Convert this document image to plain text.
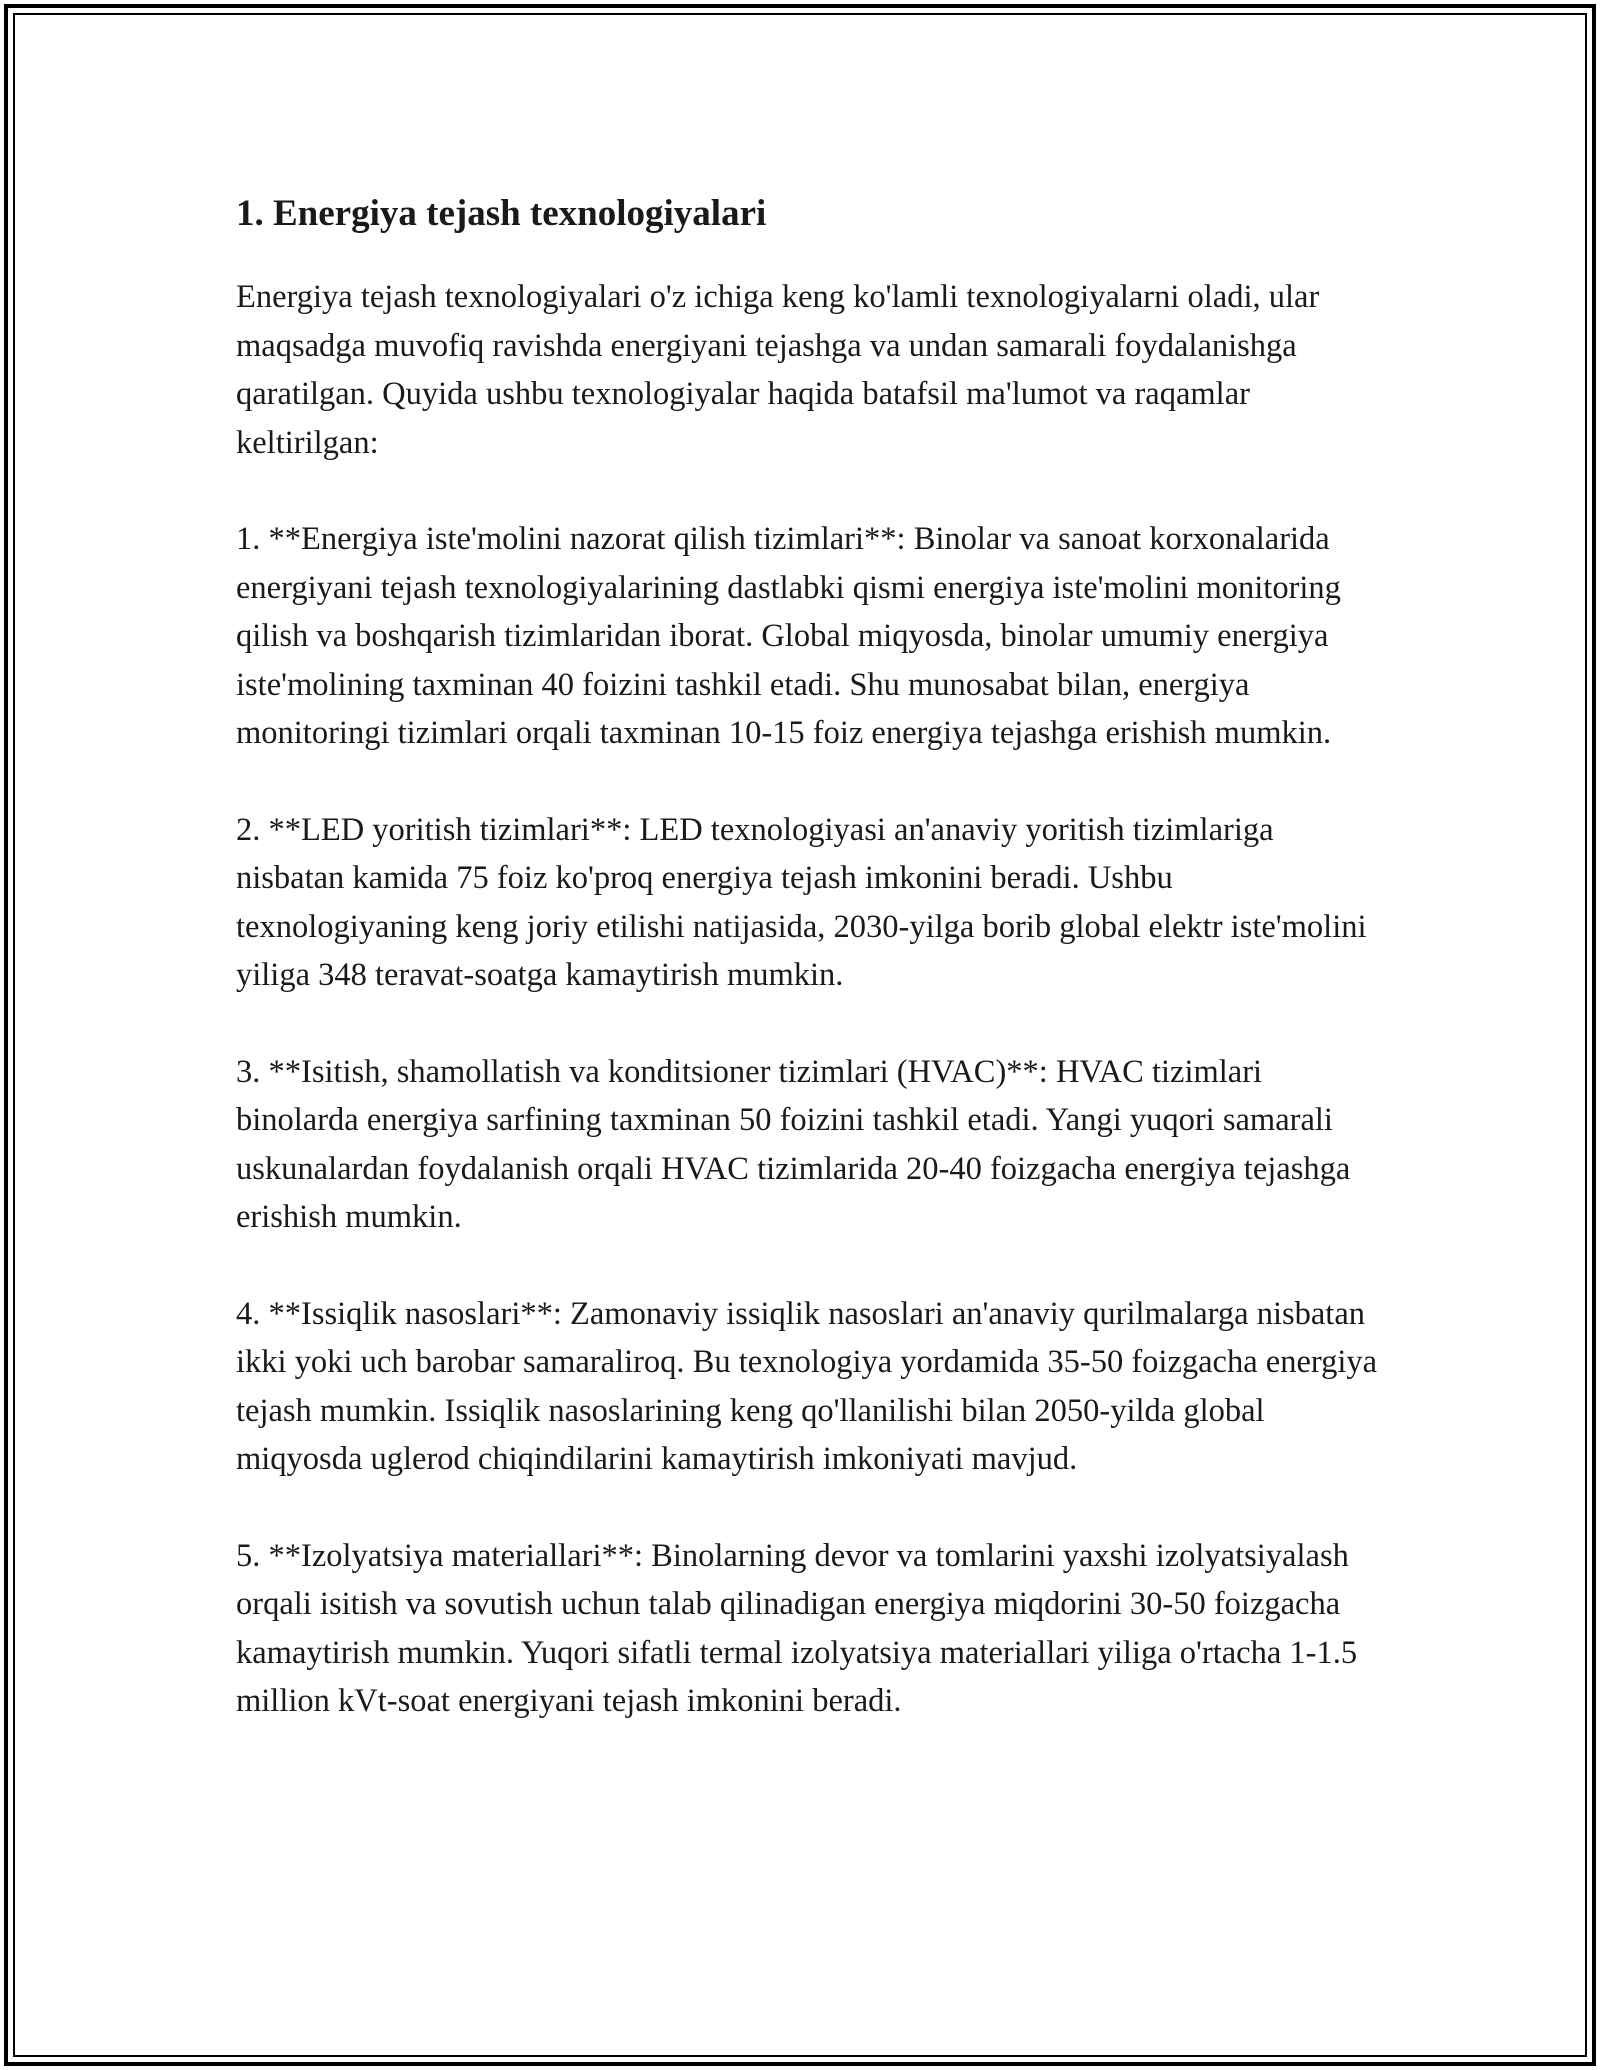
1. Energiya tejash texnologiyalari

Energiya tejash texnologiyalari o'z ichiga keng ko'lamli texnologiyalarni oladi, ular maqsadga muvofiq ravishda energiyani tejashga va undan samarali foydalanishga qaratilgan. Quyida ushbu texnologiyalar haqida batafsil ma'lumot va raqamlar keltirilgan:

1. **Energiya iste'molini nazorat qilish tizimlari**: Binolar va sanoat korxonalarida energiyani tejash texnologiyalarining dastlabki qismi energiya iste'molini monitoring qilish va boshqarish tizimlaridan iborat. Global miqyosda, binolar umumiy energiya iste'molining taxminan 40 foizini tashkil etadi. Shu munosabat bilan, energiya monitoringi tizimlari orqali taxminan 10-15 foiz energiya tejashga erishish mumkin.

2. **LED yoritish tizimlari**: LED texnologiyasi an'anaviy yoritish tizimlariga nisbatan kamida 75 foiz ko'proq energiya tejash imkonini beradi. Ushbu texnologiyaning keng joriy etilishi natijasida, 2030-yilga borib global elektr iste'molini yiliga 348 teravat-soatga kamaytirish mumkin.

3. **Isitish, shamollatish va konditsioner tizimlari (HVAC)**: HVAC tizimlari binolarda energiya sarfining taxminan 50 foizini tashkil etadi. Yangi yuqori samarali uskunalardan foydalanish orqali HVAC tizimlarida 20-40 foizgacha energiya tejashga erishish mumkin.

4. **Issiqlik nasoslari**: Zamonaviy issiqlik nasoslari an'anaviy qurilmalarga nisbatan ikki yoki uch barobar samaraliroq. Bu texnologiya yordamida 35-50 foizgacha energiya tejash mumkin. Issiqlik nasoslarining keng qo'llanilishi bilan 2050-yilda global miqyosda uglerod chiqindilarini kamaytirish imkoniyati mavjud.

5. **Izolyatsiya materiallari**: Binolarning devor va tomlarini yaxshi izolyatsiyalash orqali isitish va sovutish uchun talab qilinadigan energiya miqdorini 30-50 foizgacha kamaytirish mumkin. Yuqori sifatli termal izolyatsiya materiallari yiliga o'rtacha 1-1.5 million kVt-soat energiyani tejash imkonini beradi.
